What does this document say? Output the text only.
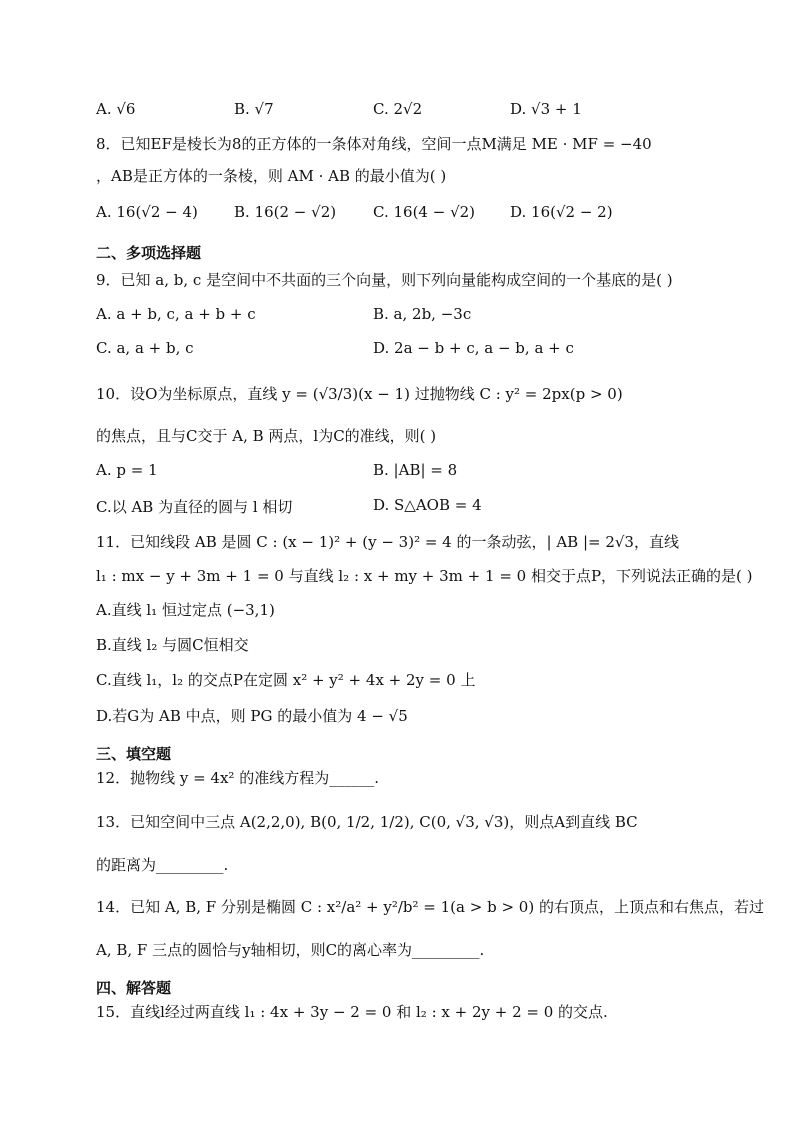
A. √6	B. √7	C. 2√2	D. √3 + 1
8．已知EF是棱长为8的正方体的一条体对角线，空间一点M满足 ME · MF = −40
，AB是正方体的一条棱，则 AM · AB 的最小值为( )
A. 16(√2 − 4) B. 16(2 − √2) C. 16(4 − √2) D. 16(√2 − 2)
二、多项选择题
9．已知 a, b, c 是空间中不共面的三个向量，则下列向量能构成空间的一个基底的是( )
A. a + b, c, a + b + c	B. a, 2b, −3c
C. a, a + b, c	D. 2a − b + c, a − b, a + c
10．设O为坐标原点，直线 y = (√3/3)(x − 1) 过抛物线 C : y² = 2px(p > 0)
的焦点，且与C交于 A, B 两点，l为C的准线，则( )
A. p = 1	B. |AB| = 8
C.以 AB 为直径的圆与 l 相切	D. S△AOB = 4
11．已知线段 AB 是圆 C : (x − 1)² + (y − 3)² = 4 的一条动弦，| AB |= 2√3，直线
l₁ : mx − y + 3m + 1 = 0 与直线 l₂ : x + my + 3m + 1 = 0 相交于点P，下列说法正确的是( )
A.直线 l₁ 恒过定点 (−3,1)
B.直线 l₂ 与圆C恒相交
C.直线 l₁，l₂ 的交点P在定圆 x² + y² + 4x + 2y = 0 上
D.若G为 AB 中点，则 PG 的最小值为 4 − √5
三、填空题
12．抛物线 y = 4x² 的准线方程为______.
13．已知空间中三点 A(2,2,0), B(0, 1/2, 1/2), C(0, √3, √3)，则点A到直线 BC
的距离为_________.
14．已知 A, B, F 分别是椭圆 C : x²/a² + y²/b² = 1(a > b > 0) 的右顶点，上顶点和右焦点，若过
A, B, F 三点的圆恰与y轴相切，则C的离心率为_________.
四、解答题
15．直线l经过两直线 l₁ : 4x + 3y − 2 = 0 和 l₂ : x + 2y + 2 = 0 的交点.
